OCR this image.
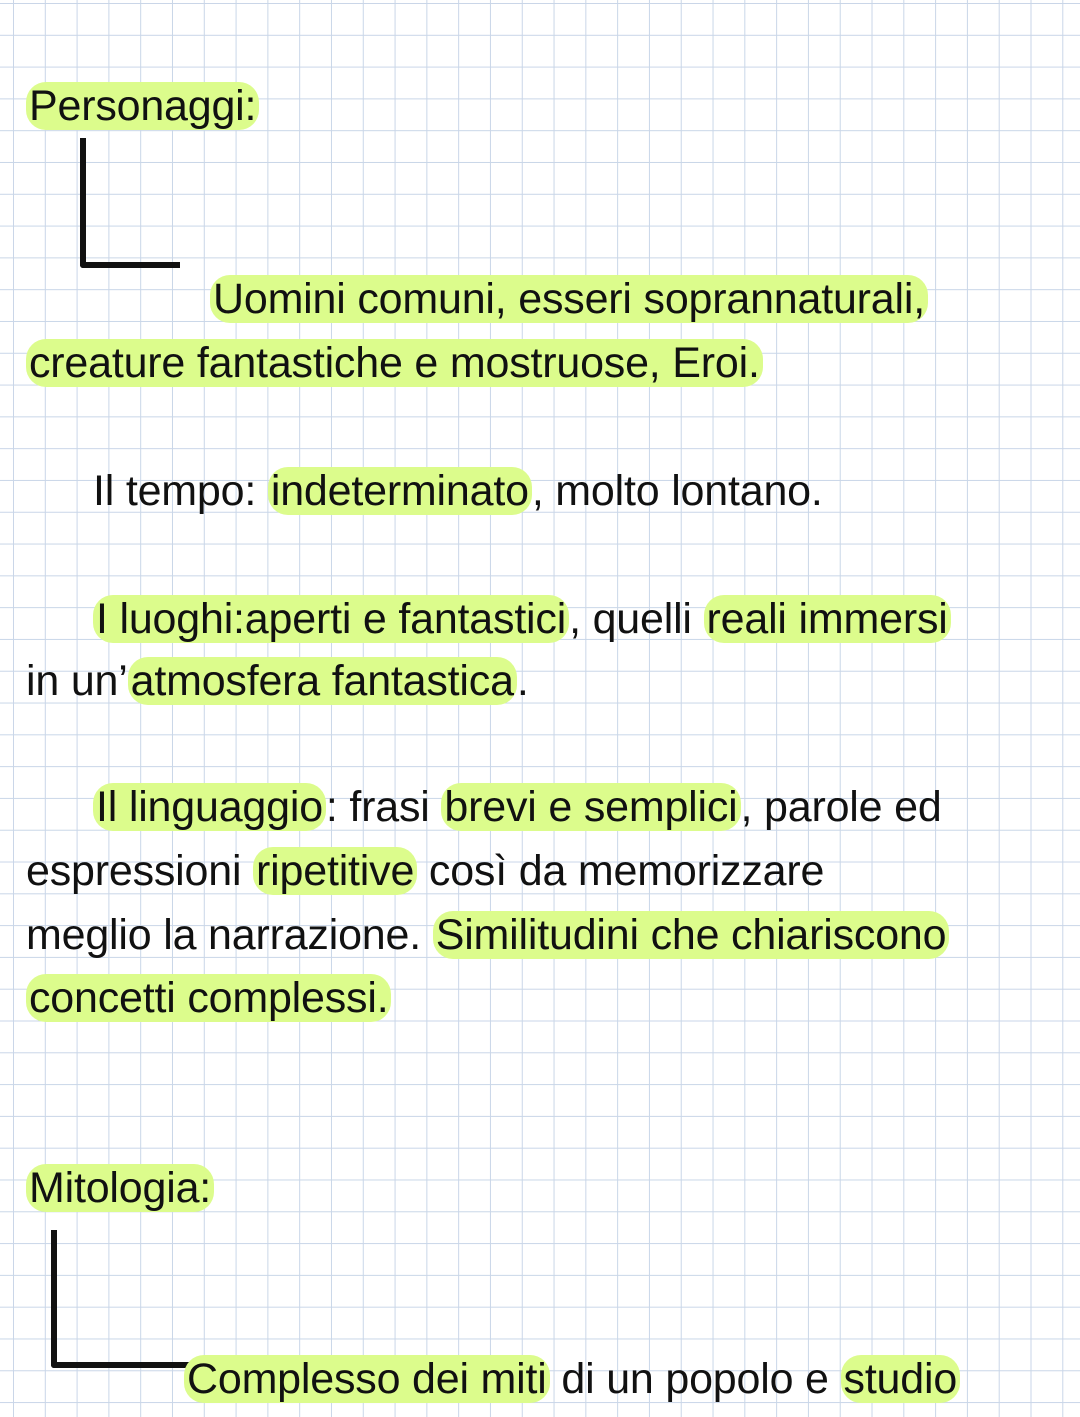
Personaggi:
Uomini comuni, esseri soprannaturali,
creature fantastiche e mostruose, Eroi.
Il tempo: indeterminato, molto lontano.
I luoghi:aperti e fantastici, quelli reali immersi
in un’atmosfera fantastica.
Il linguaggio: frasi brevi e semplici, parole ed
espressioni ripetitive così da memorizzare
meglio la narrazione. Similitudini che chiariscono
concetti complessi.
Mitologia:
Complesso dei miti di un popolo e studio
